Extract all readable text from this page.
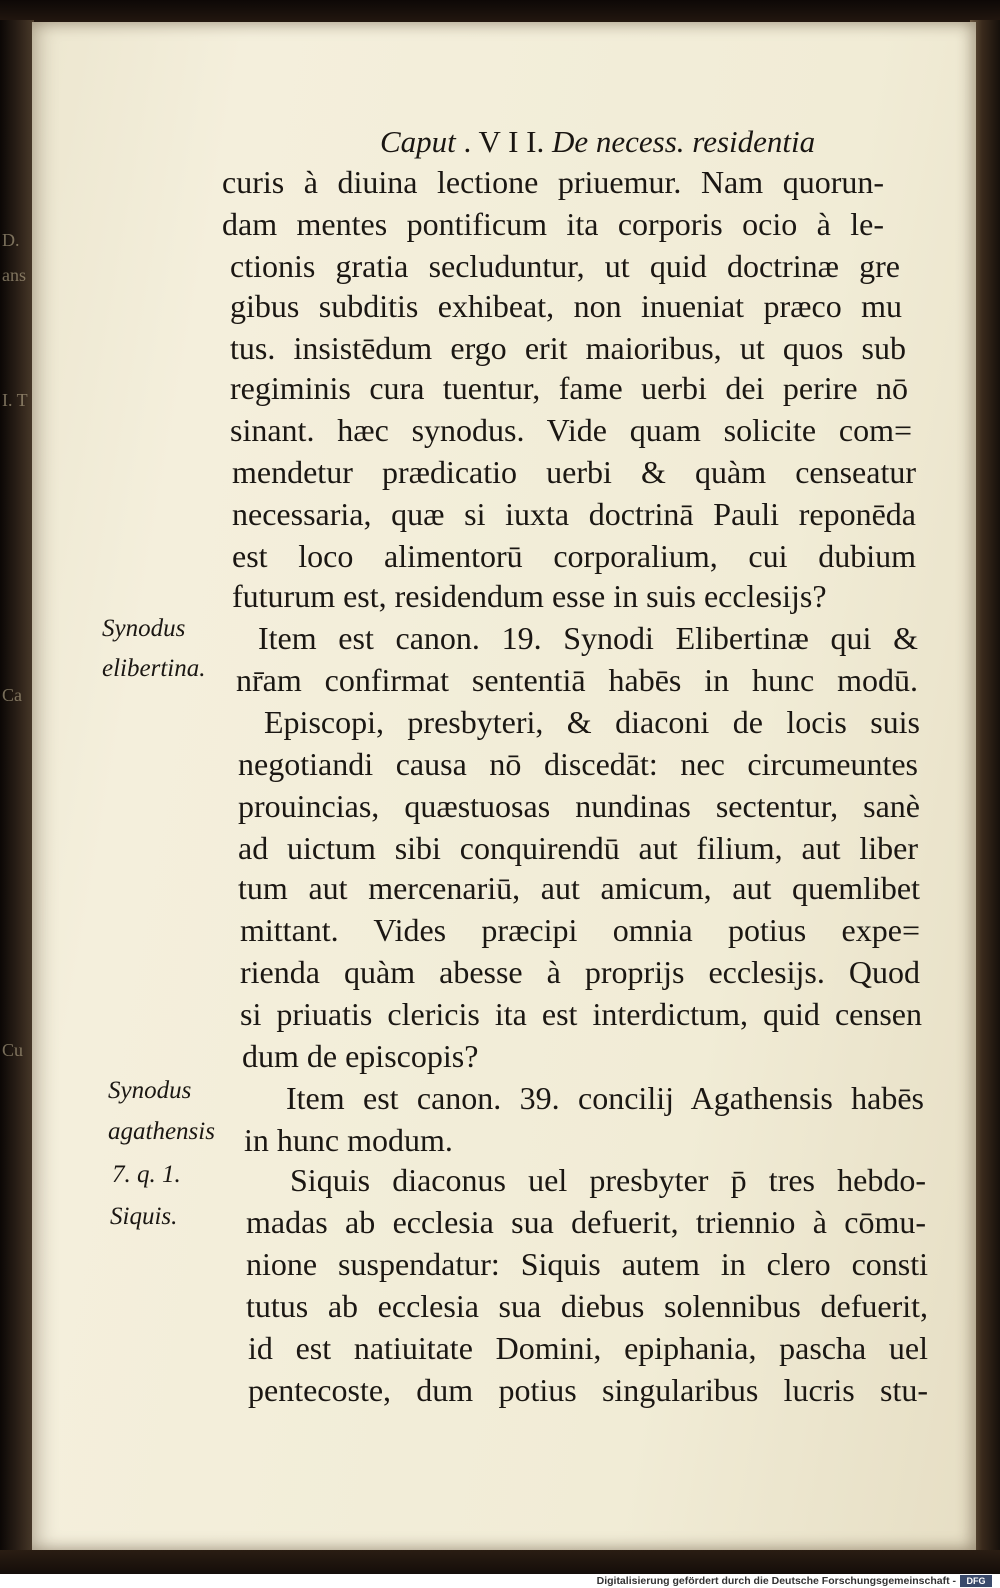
D.
ans
I. T
Ca
Cu
Caput . V I I. De necess. residentia
curis à diuina lectione priuemur. Nam quorun-
dam mentes pontificum ita corporis ocio à le-
ctionis gratia secluduntur, ut quid doctrinæ gre
gibus subditis exhibeat, non inueniat præco mu
tus. insistēdum ergo erit maioribus, ut quos sub
regiminis cura tuentur, fame uerbi dei perire nō
sinant. hæc synodus. Vide quam solicite com=
mendetur prædicatio uerbi & quàm censeatur
necessaria, quæ si iuxta doctrinā Pauli reponēda
est loco alimentorū corporalium, cui dubium
futurum est, residendum esse in suis ecclesijs?
Item est canon. 19. Synodi Elibertinæ qui &
nr̄am confirmat sententiā habēs in hunc modū.
Episcopi, presbyteri, & diaconi de locis suis
negotiandi causa nō discedāt: nec circumeuntes
prouincias, quæstuosas nundinas sectentur, sanè
ad uictum sibi conquirendū aut filium, aut liber
tum aut mercenariū, aut amicum, aut quemlibet
mittant. Vides præcipi omnia potius expe=
rienda quàm abesse à proprijs ecclesijs. Quod
si priuatis clericis ita est interdictum, quid censen
dum de episcopis?
Item est canon. 39. concilij Agathensis habēs
in hunc modum.
Siquis diaconus uel presbyter p̄ tres hebdo-
madas ab ecclesia sua defuerit, triennio à cōmu-
nione suspendatur: Siquis autem in clero consti
tutus ab ecclesia sua diebus solennibus defuerit,
id est natiuitate Domini, epiphania, pascha uel
pentecoste, dum potius singularibus lucris stu-
Synodus
elibertina.
Synodus
agathensis
7. q. 1.
Siquis.
Digitalisierung gefördert durch die Deutsche Forschungsgemeinschaft -	DFG
